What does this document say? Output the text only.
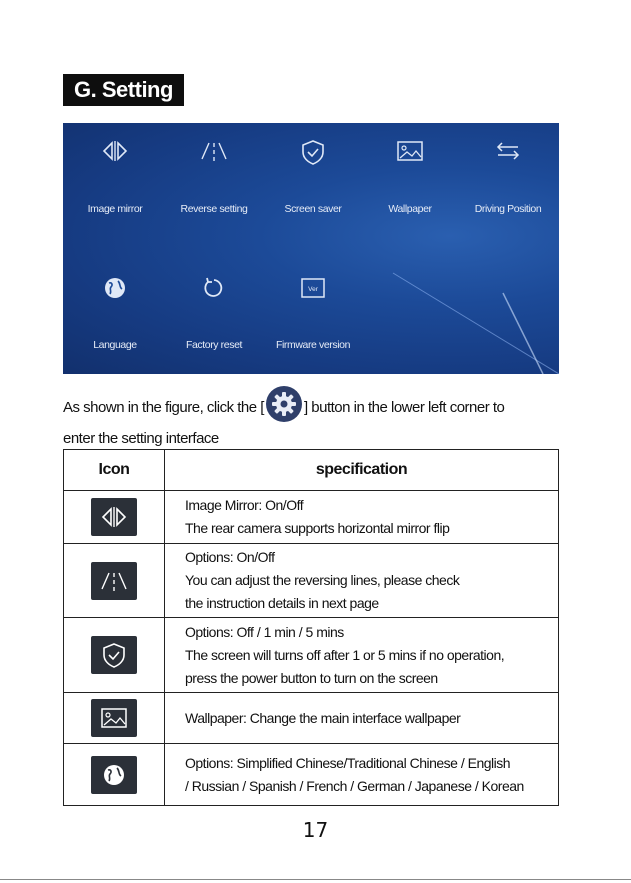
G. Setting
Image mirror	Reverse setting	Screen saver	Wallpaper	Driving Position
Language	Factory reset
Ver
Firmware version
As shown in the figure, click the [	] button in the lower left corner to
enter the setting interface
Icon	specification

Image Mirror: On/Off
The rear camera supports horizontal mirror flip

Options: On/Off
You can adjust the reversing lines, please check
the instruction details in next page

Options: Off / 1 min / 5 mins
The screen will turns off after 1 or 5 mins if no operation,
press the power button to turn on the screen

Wallpaper: Change the main interface wallpaper

Options: Simplified Chinese/Traditional Chinese / English
/ Russian / Spanish / French / German / Japanese / Korean
17
